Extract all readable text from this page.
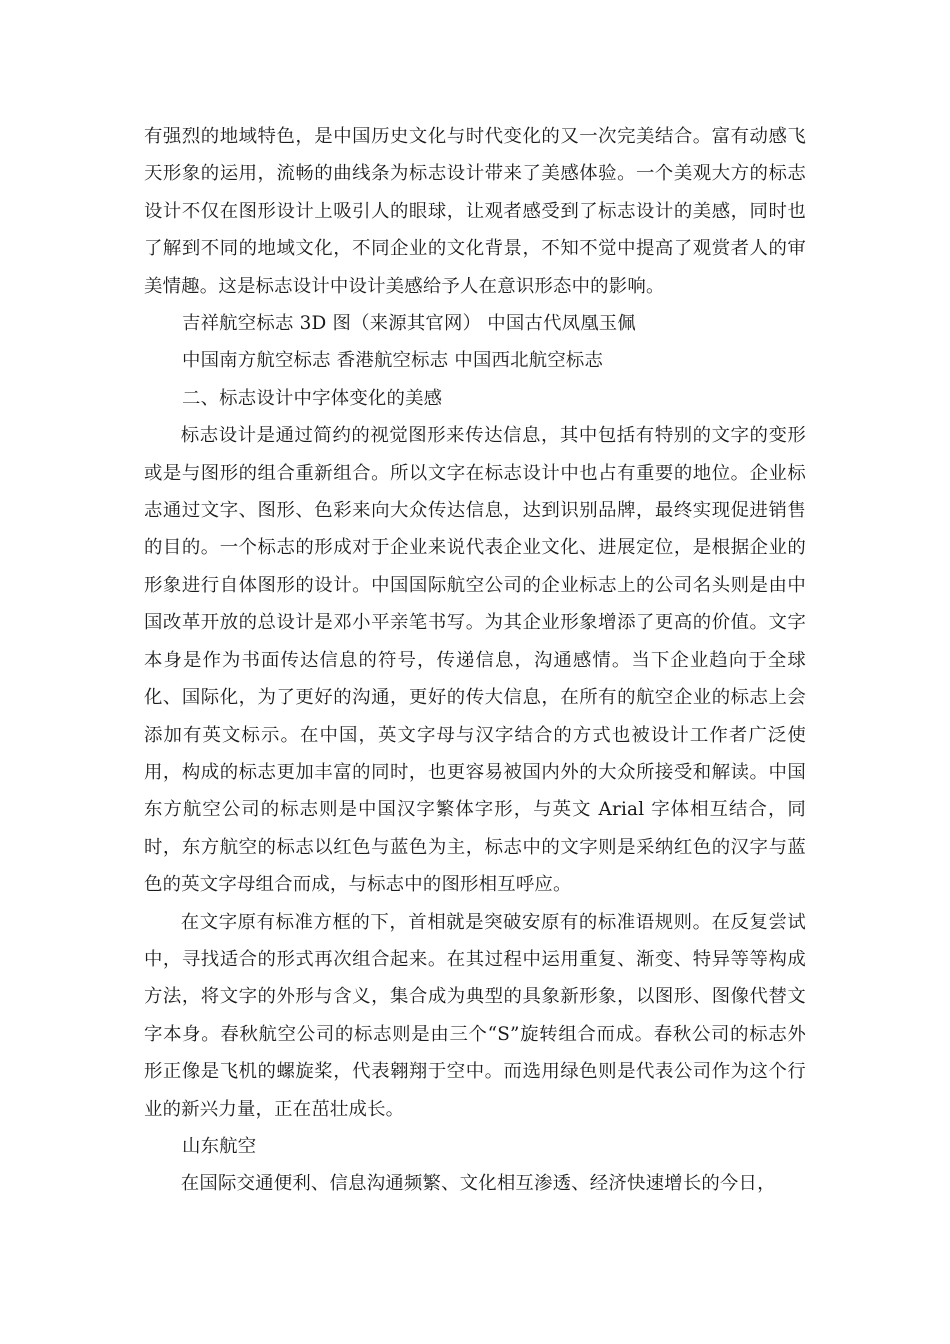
有强烈的地域特色，是中国历史文化与时代变化的又一次完美结合。富有动感飞天形象的运用，流畅的曲线条为标志设计带来了美感体验。一个美观大方的标志设计不仅在图形设计上吸引人的眼球，让观者感受到了标志设计的美感，同时也了解到不同的地域文化，不同企业的文化背景，不知不觉中提高了观赏者人的审美情趣。这是标志设计中设计美感给予人在意识形态中的影响。

吉祥航空标志 3D 图（来源其官网） 中国古代凤凰玉佩

中国南方航空标志 香港航空标志 中国西北航空标志

二、标志设计中字体变化的美感

标志设计是通过简约的视觉图形来传达信息，其中包括有特别的文字的变形或是与图形的组合重新组合。所以文字在标志设计中也占有重要的地位。企业标志通过文字、图形、色彩来向大众传达信息，达到识别品牌，最终实现促进销售的目的。一个标志的形成对于企业来说代表企业文化、进展定位，是根据企业的形象进行自体图形的设计。中国国际航空公司的企业标志上的公司名头则是由中国改革开放的总设计是邓小平亲笔书写。为其企业形象增添了更高的价值。文字本身是作为书面传达信息的符号，传递信息，沟通感情。当下企业趋向于全球化、国际化，为了更好的沟通，更好的传大信息，在所有的航空企业的标志上会添加有英文标示。在中国，英文字母与汉字结合的方式也被设计工作者广泛使用，构成的标志更加丰富的同时，也更容易被国内外的大众所接受和解读。中国东方航空公司的标志则是中国汉字繁体字形，与英文 Arial 字体相互结合，同时，东方航空的标志以红色与蓝色为主，标志中的文字则是采纳红色的汉字与蓝色的英文字母组合而成，与标志中的图形相互呼应。

在文字原有标准方框的下，首相就是突破安原有的标准语规则。在反复尝试中，寻找适合的形式再次组合起来。在其过程中运用重复、渐变、特异等等构成方法，将文字的外形与含义，集合成为典型的具象新形象，以图形、图像代替文字本身。春秋航空公司的标志则是由三个“S”旋转组合而成。春秋公司的标志外形正像是飞机的螺旋桨，代表翱翔于空中。而选用绿色则是代表公司作为这个行业的新兴力量，正在茁壮成长。

山东航空

在国际交通便利、信息沟通频繁、文化相互渗透、经济快速增长的今日，
